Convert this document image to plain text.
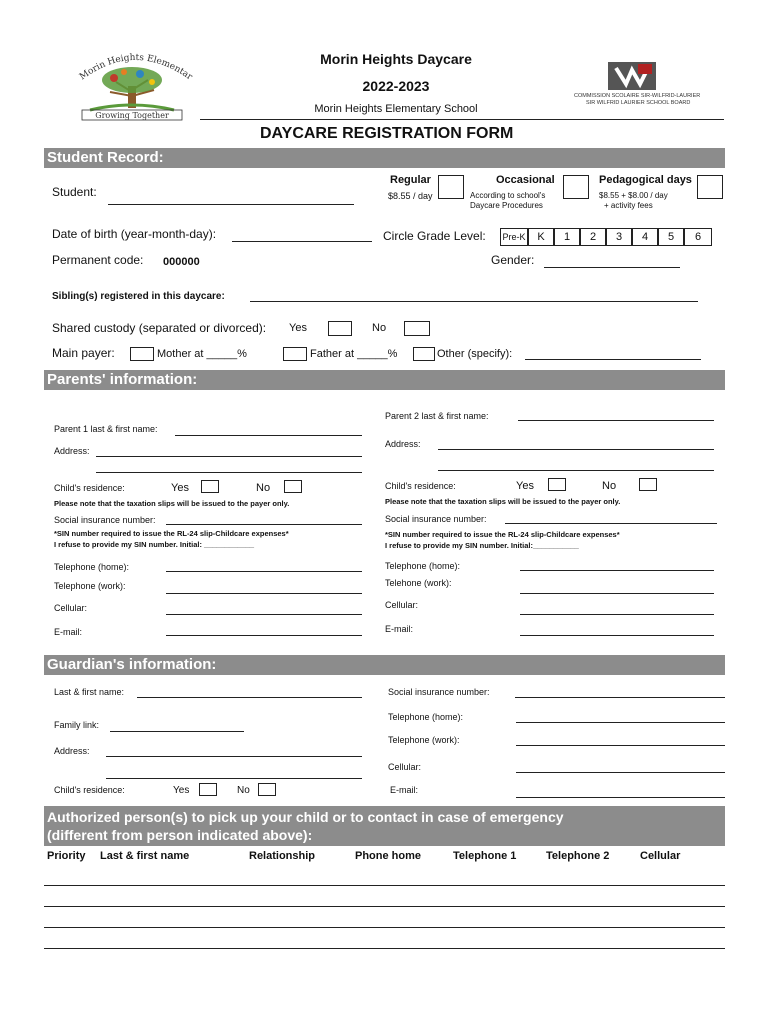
Morin Heights Elementar
Growing Together
Morin Heights Daycare
2022-2023
Morin Heights Elementary School
COMMISSION SCOLAIRE SIR-WILFRID-LAURIER
SIR WILFRID LAURIER SCHOOL BOARD
DAYCARE REGISTRATION FORM
Student Record:
Student:
Regular
$8.55 / day
Occasional
According to school's
Daycare Procedures
Pedagogical days
$8.55 + $8.00 / day
+ activity fees
Date of birth (year-month-day):	Circle Grade Level: Pre-K	K	1	2	3	4	5	6
Permanent code: 000000	Gender:
Sibling(s) registered in this daycare:
Shared custody (separated or divorced): Yes	No
Main payer:	Mother at _____%	Father at _____%	Other (specify):
Parents' information:
Parent 1 last & first name:
Address:
Child's residence:	Yes	No
Please note that the taxation slips will be issued to the payer only.
Social insurance number:
*SIN number required to issue the RL-24 slip-Childcare expenses*
I refuse to provide my SIN number. Initial: ____________
Telephone (home):
Telephone (work):
Cellular:
E-mail:
Parent 2 last & first name:
Address:
Child's residence:	Yes	No
Please note that the taxation slips will be issued to the payer only.
Social insurance number:
*SIN number required to issue the RL-24 slip-Childcare expenses*
I refuse to provide my SIN number. Initial:___________
Telephone (home):
Telehone (work):
Cellular:
E-mail:
Guardian's information:
Last & first name:
Family link:
Address:
Child's residence:	Yes	No
Social insurance number:
Telephone (home):
Telephone (work):
Cellular:
E-mail:
Authorized person(s) to pick up your child or to contact in case of emergency
(different from person indicated above):
Priority Last & first name	Relationship	Phone home	Telephone 1	Telephone 2	Cellular
